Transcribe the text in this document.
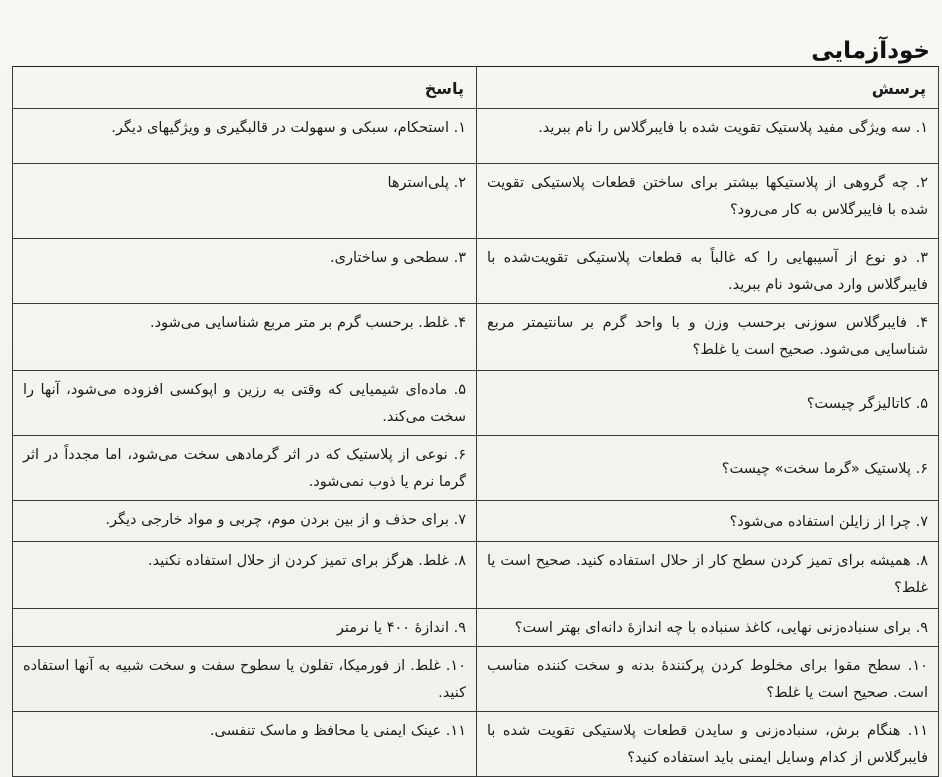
خودآزمایی
پرسش	پاسخ
۱. سه ویژگی مفید پلاستیک تقویت شده با فایبرگلاس را نام ببرید.	۱. استحکام، سبکی و سهولت در قالبگیری و ویژگیهای دیگر.
۲. چه گروهی از پلاستیکها بیشتر برای ساختن قطعات پلاستیکی تقویت شده با فایبرگلاس به کار می‌رود؟	۲. پلی‌استرها
۳. دو نوع از آسیبهایی را که غالباً به قطعات پلاستیکی تقویت‌شده با فایبرگلاس وارد می‌شود نام ببرید.	۳. سطحی و ساختاری.
۴. فایبرگلاس سوزنی برحسب وزن و با واحد گرم بر سانتیمتر مربع شناسایی می‌شود. صحیح است یا غلط؟	۴. غلط. برحسب گرم بر متر مربع شناسایی می‌شود.
۵. کاتالیزگر چیست؟	۵. ماده‌ای شیمیایی که وقتی به رزین و اپوکسی افزوده می‌شود، آنها را سخت می‌کند.
۶. پلاستیک «گرما سخت» چیست؟	۶. نوعی از پلاستیک که در اثر گرمادهی سخت می‌شود، اما مجدداً در اثر گرما نرم یا ذوب نمی‌شود.
۷. چرا از زایلن استفاده می‌شود؟	۷. برای حذف و از بین بردن موم، چربی و مواد خارجی دیگر.
۸. همیشه برای تمیز کردن سطح کار از حلال استفاده کنید. صحیح است یا غلط؟	۸. غلط. هرگز برای تمیز کردن از حلال استفاده نکنید.
۹. برای سنباده‌زنی نهایی، کاغذ سنباده با چه اندازهٔ دانه‌ای بهتر است؟	۹. اندازهٔ ۴۰۰ یا نرمتر
۱۰. سطح مقوا برای مخلوط کردن پرکنندهٔ بدنه و سخت کننده مناسب است. صحیح است یا غلط؟	۱۰. غلط. از فورمیکا، تفلون یا سطوح سفت و سخت شبیه به آنها استفاده کنید.
۱۱. هنگام برش، سنباده‌زنی و سایدن قطعات پلاستیکی تقویت شده با فایبرگلاس از کدام وسایل ایمنی باید استفاده کنید؟	۱۱. عینک ایمنی یا محافظ و ماسک تنفسی.
